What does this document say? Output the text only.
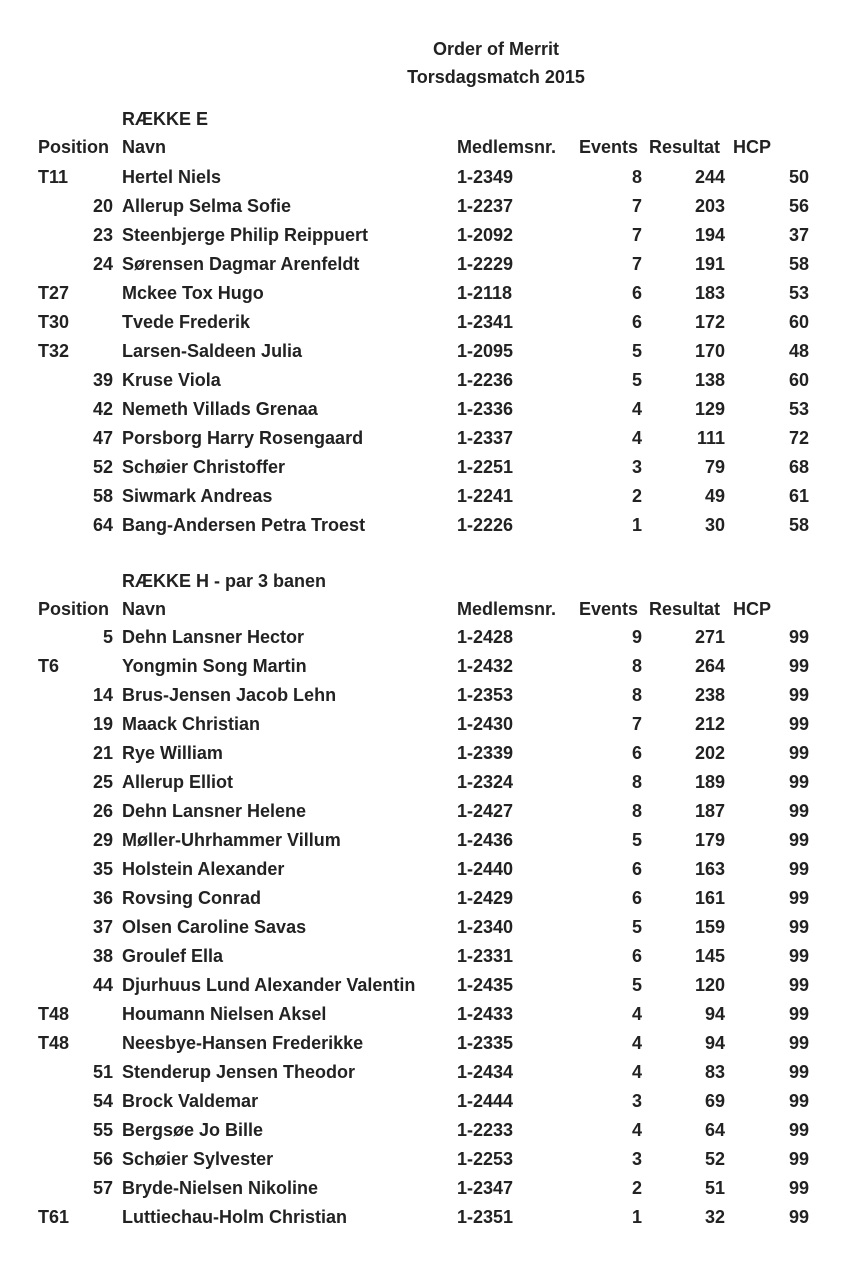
Order of Merrit
Torsdagsmatch 2015
RÆKKE E
Position Navn	Medlemsnr. Events Resultat HCP
T11	Hertel Niels	1-2349	8	244	50
20 Allerup Selma Sofie	1-2237	7	203	56
23 Steenbjerge Philip Reippuert	1-2092	7	194	37
24 Sørensen Dagmar Arenfeldt	1-2229	7	191	58
T27	Mckee Tox Hugo	1-2118	6	183	53
T30	Tvede Frederik	1-2341	6	172	60
T32	Larsen-Saldeen Julia	1-2095	5	170	48
39 Kruse Viola	1-2236	5	138	60
42 Nemeth Villads Grenaa	1-2336	4	129	53
47 Porsborg Harry Rosengaard	1-2337	4	111	72
52 Schøier Christoffer	1-2251	3	79	68
58 Siwmark Andreas	1-2241	2	49	61
64 Bang-Andersen Petra Troest	1-2226	1	30	58
RÆKKE H - par 3 banen
Position Navn	Medlemsnr. Events Resultat HCP
5 Dehn Lansner Hector	1-2428	9	271	99
T6	Yongmin Song Martin	1-2432	8	264	99
14 Brus-Jensen Jacob Lehn	1-2353	8	238	99
19 Maack Christian	1-2430	7	212	99
21 Rye William	1-2339	6	202	99
25 Allerup Elliot	1-2324	8	189	99
26 Dehn Lansner Helene	1-2427	8	187	99
29 Møller-Uhrhammer Villum	1-2436	5	179	99
35 Holstein Alexander	1-2440	6	163	99
36 Rovsing Conrad	1-2429	6	161	99
37 Olsen Caroline Savas	1-2340	5	159	99
38 Groulef Ella	1-2331	6	145	99
44 Djurhuus Lund Alexander Valentin 1-2435	5	120	99
T48	Houmann Nielsen Aksel	1-2433	4	94	99
T48	Neesbye-Hansen Frederikke	1-2335	4	94	99
51 Stenderup Jensen Theodor	1-2434	4	83	99
54 Brock Valdemar	1-2444	3	69	99
55 Bergsøe Jo Bille	1-2233	4	64	99
56 Schøier Sylvester	1-2253	3	52	99
57 Bryde-Nielsen Nikoline	1-2347	2	51	99
T61	Luttiechau-Holm Christian	1-2351	1	32	99
